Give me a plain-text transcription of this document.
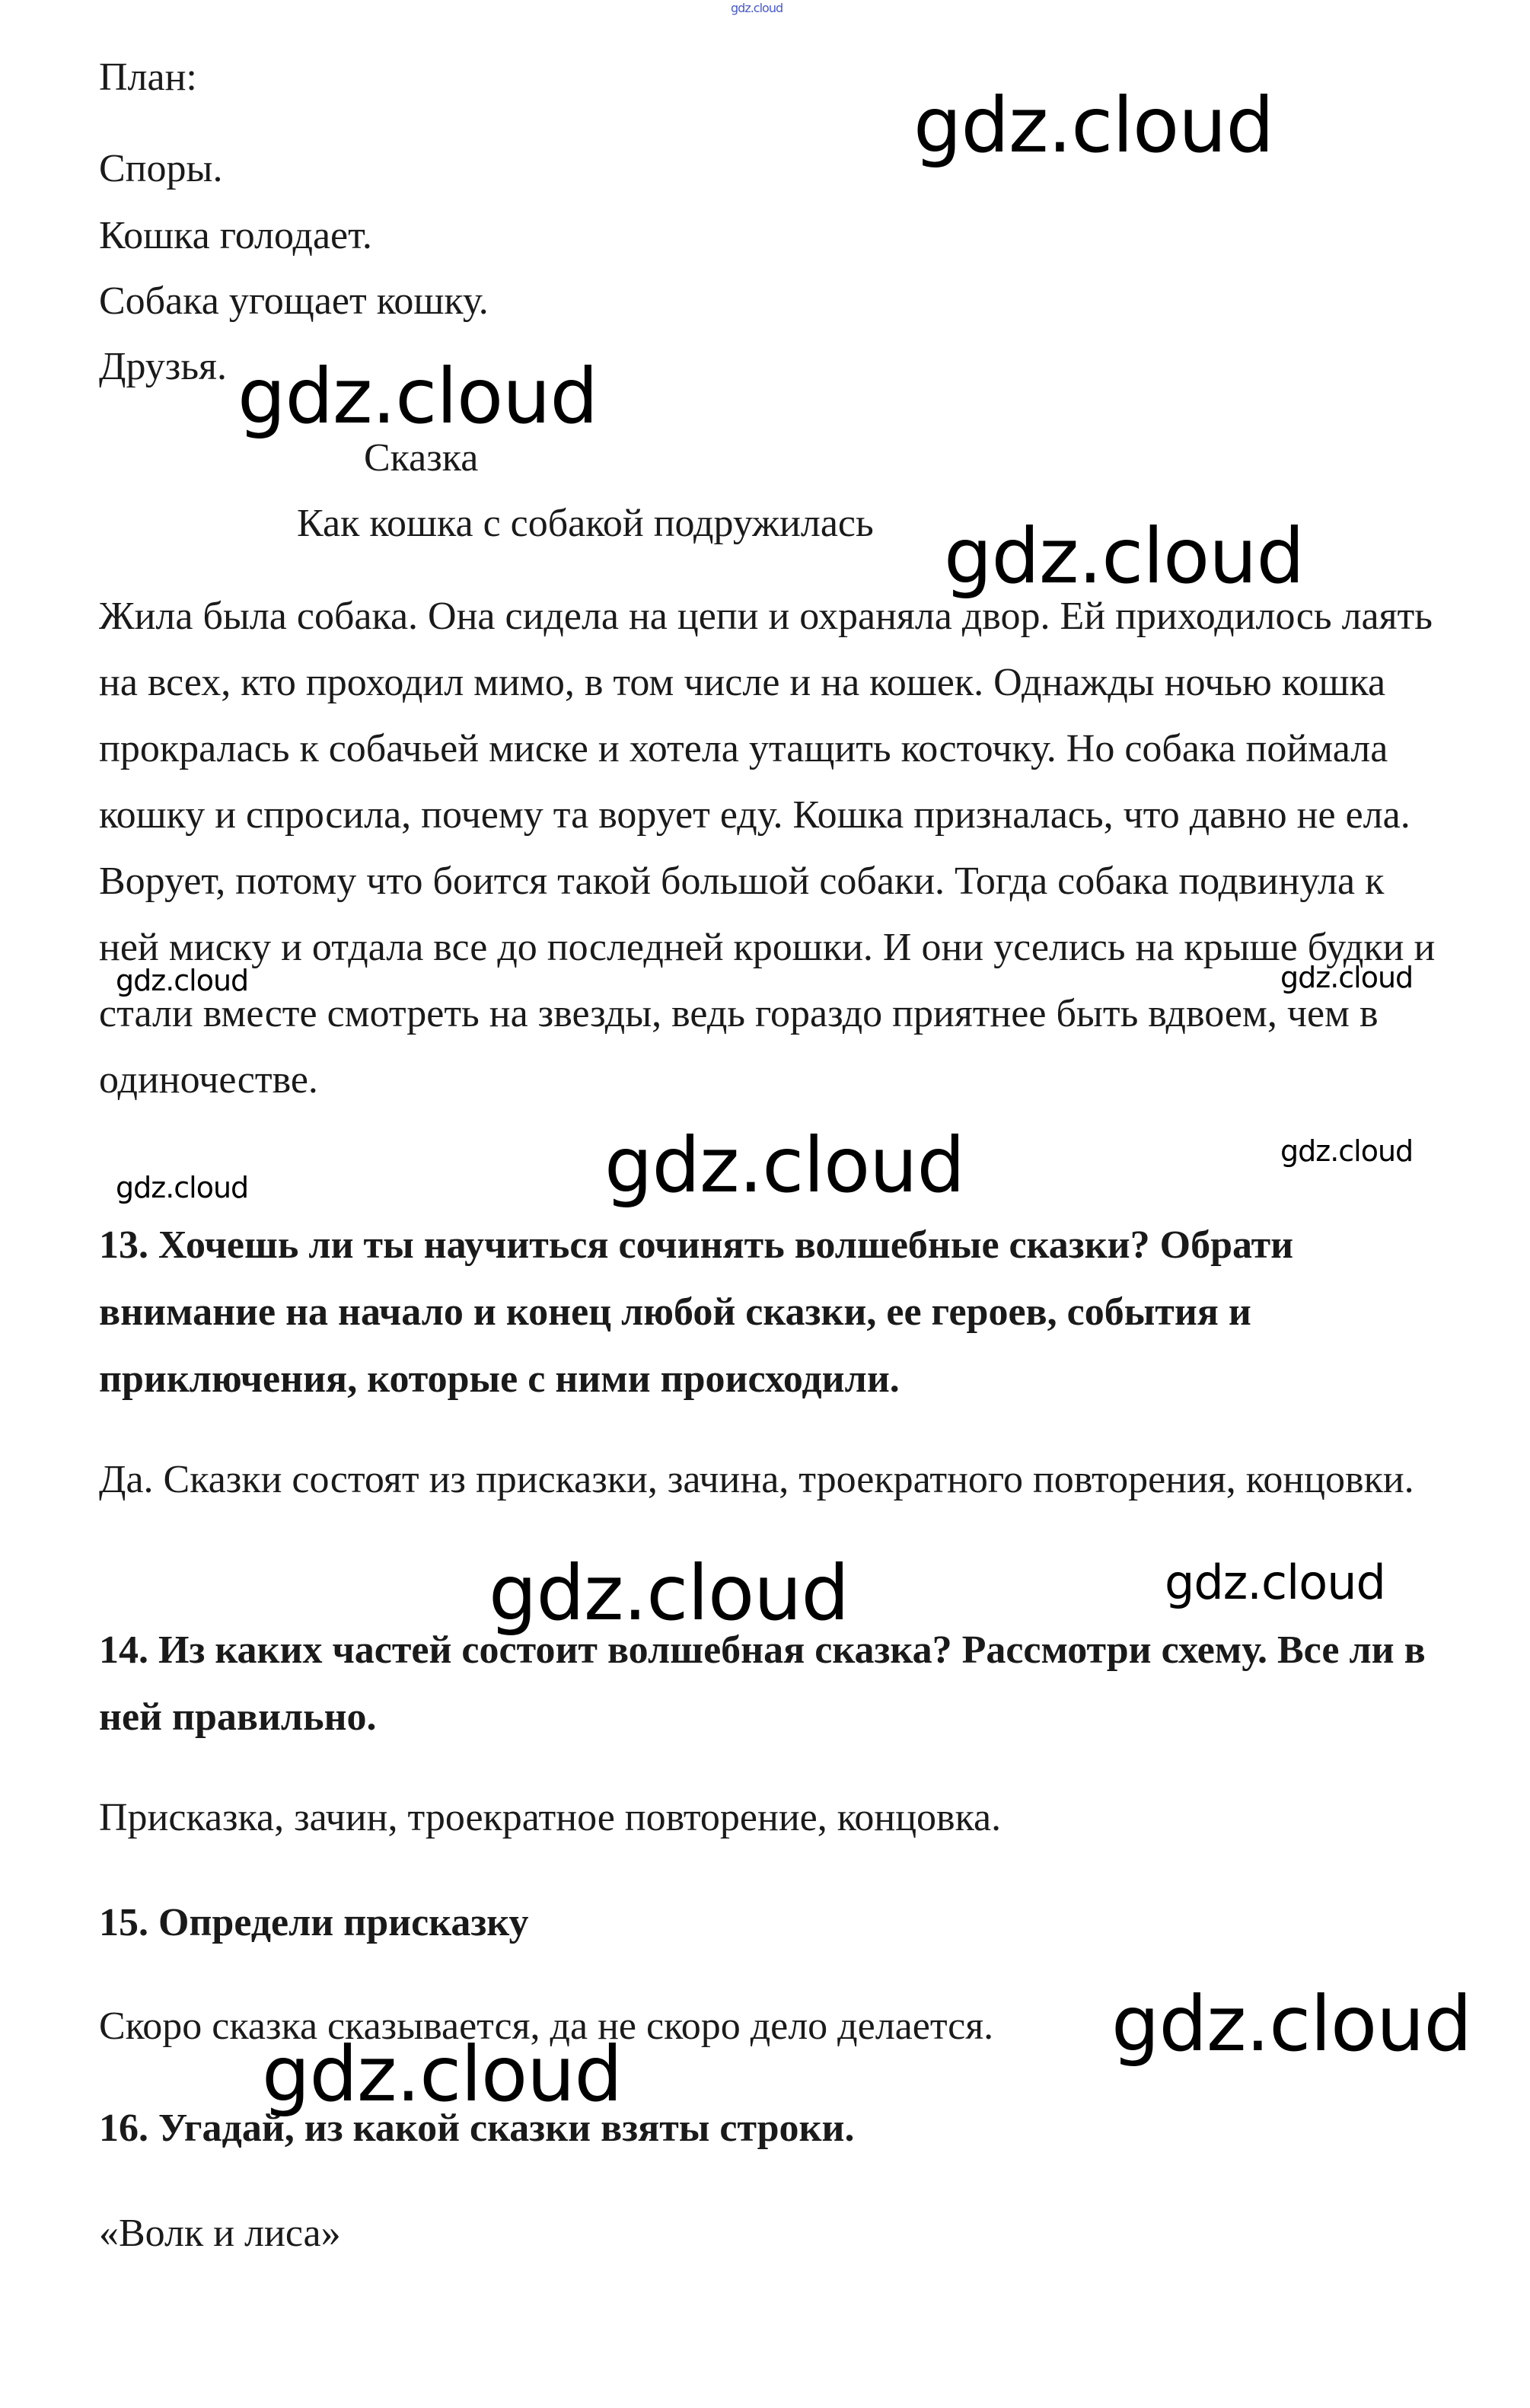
gdz.cloud

План:

Споры.

Кошка голодает.

Собака угощает кошку.

Друзья.

Сказка

Как кошка с собакой подружилась

Жила была собака. Она сидела на цепи и охраняла двор. Ей приходилось лаять на всех, кто проходил мимо, в том числе и на кошек. Однажды ночью кошка прокралась к собачьей миске и хотела утащить косточку. Но собака поймала кошку и спросила, почему та ворует еду. Кошка призналась, что давно не ела. Ворует, потому что боится такой большой собаки. Тогда собака подвинула к ней миску и отдала все до последней крошки. И они уселись на крыше будки и стали вместе смотреть на звезды, ведь гораздо приятнее быть вдвоем, чем в одиночестве.

13. Хочешь ли ты научиться сочинять волшебные сказки? Обрати внимание на начало и конец любой сказки, ее героев, события и приключения, которые с ними происходили.

Да. Сказки состоят из присказки, зачина, троекратного повторения, концовки.

14. Из каких частей состоит волшебная сказка? Рассмотри схему. Все ли в ней правильно.

Присказка, зачин, троекратное повторение, концовка.

15. Определи присказку

Скоро сказка сказывается, да не скоро дело делается.

16. Угадай, из какой сказки взяты строки.

«Волк и лиса»

gdz.cloud
gdz.cloud
gdz.cloud
gdz.cloud	gdz.cloud
gdz.cloud	gdz.cloud
gdz.cloud
gdz.cloud	gdz.cloud
gdz.cloud
gdz.cloud
